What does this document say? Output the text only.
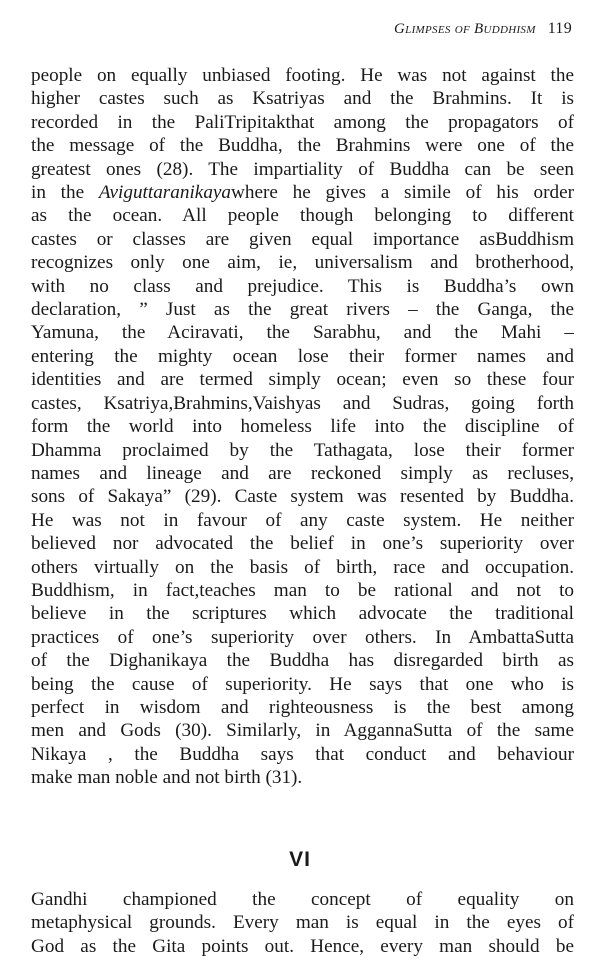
Glimpses of Buddhism 119
people on equally unbiased footing. He was not against the
higher castes such as Ksatriyas and the Brahmins. It is
recorded in the PaliTripitakthat among the propagators of
the message of the Buddha, the Brahmins were one of the
greatest ones (28). The impartiality of Buddha can be seen
in the Aviguttaranikayawhere he gives a simile of his order
as the ocean. All people though belonging to different
castes or classes are given equal importance asBuddhism
recognizes only one aim, ie, universalism and brotherhood,
with no class and prejudice. This is Buddha’s own
declaration, ” Just as the great rivers – the Ganga, the
Yamuna, the Aciravati, the Sarabhu, and the Mahi –
entering the mighty ocean lose their former names and
identities and are termed simply ocean; even so these four
castes, Ksatriya,Brahmins,Vaishyas and Sudras, going forth
form the world into homeless life into the discipline of
Dhamma proclaimed by the Tathagata, lose their former
names and lineage and are reckoned simply as recluses,
sons of Sakaya” (29). Caste system was resented by Buddha.
He was not in favour of any caste system. He neither
believed nor advocated the belief in one’s superiority over
others virtually on the basis of birth, race and occupation.
Buddhism, in fact,teaches man to be rational and not to
believe in the scriptures which advocate the traditional
practices of one’s superiority over others. In AmbattaSutta
of the Dighanikaya the Buddha has disregarded birth as
being the cause of superiority. He says that one who is
perfect in wisdom and righteousness is the best among
men and Gods (30). Similarly, in AggannaSutta of the same
Nikaya , the Buddha says that conduct and behaviour
make man noble and not birth (31).
VI
Gandhi championed the concept of equality on
metaphysical grounds. Every man is equal in the eyes of
God as the Gita points out. Hence, every man should be
